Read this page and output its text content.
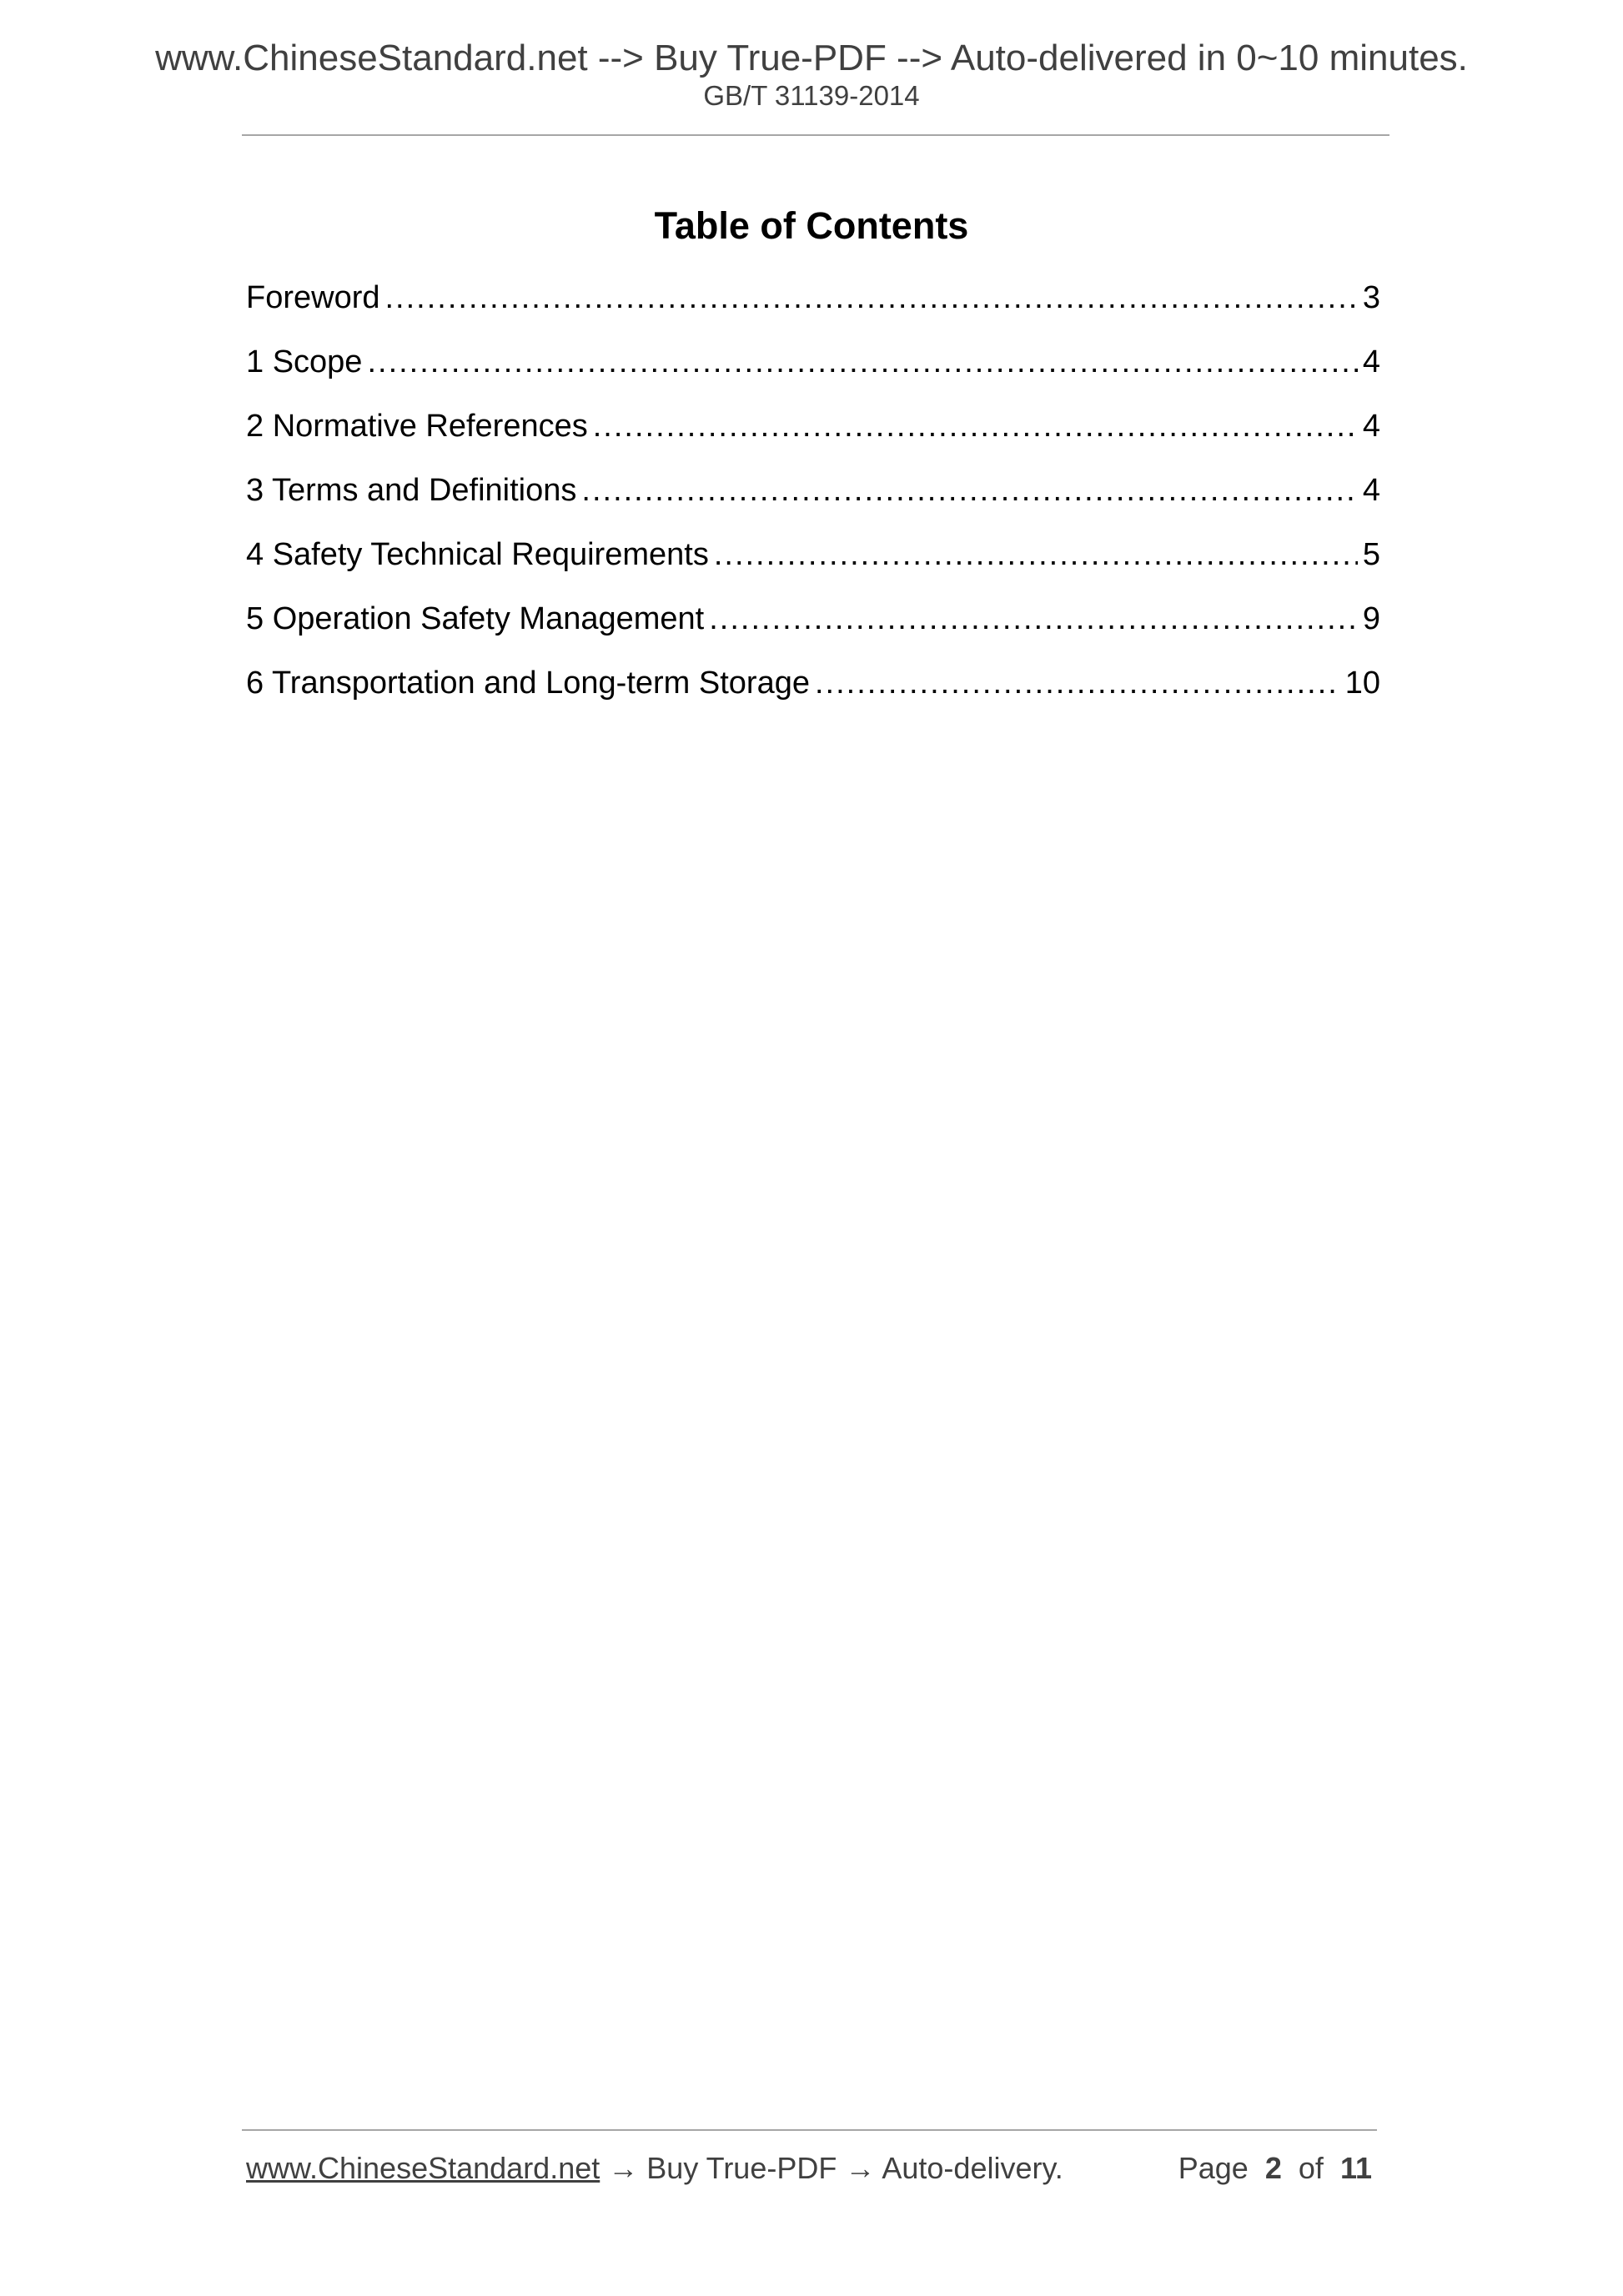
www.ChineseStandard.net --> Buy True-PDF --> Auto-delivered in 0~10 minutes.
GB/T 31139-2014
Table of Contents
Foreword .....	3
1 Scope .....	4
2 Normative References .....	4
3 Terms and Definitions .....	4
4 Safety Technical Requirements .....	5
5 Operation Safety Management .....	9
6 Transportation and Long-term Storage .....	10
www.ChineseStandard.net → Buy True-PDF → Auto-delivery.	Page 2 of 11
